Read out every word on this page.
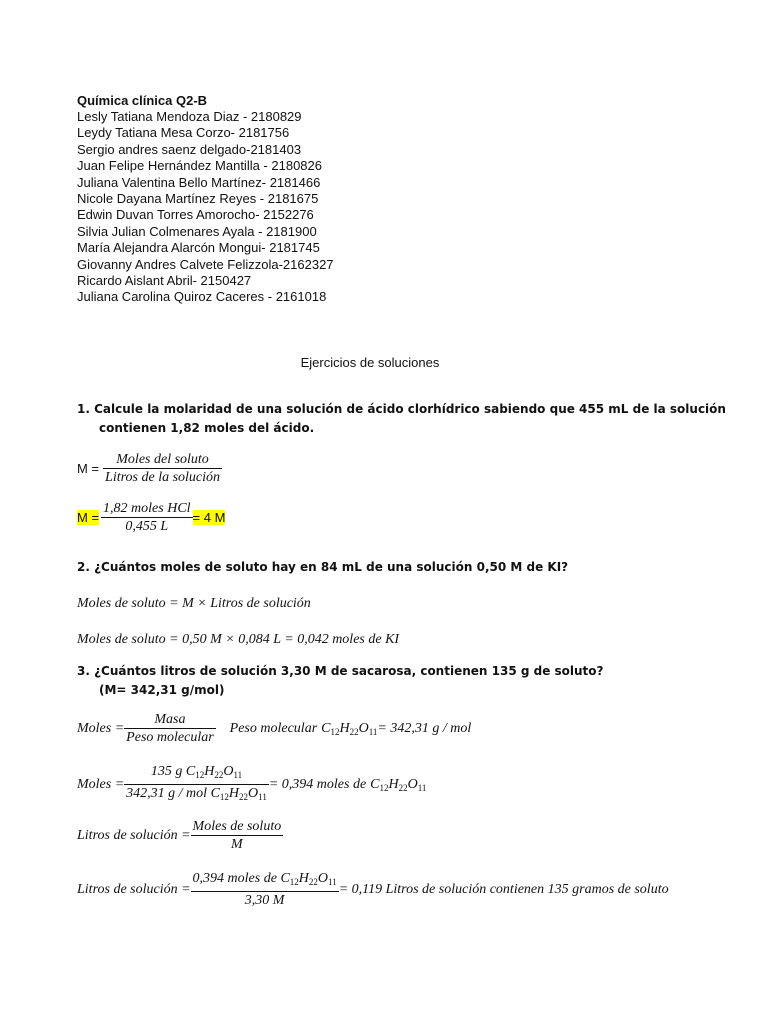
Química clínica Q2-B
Lesly Tatiana Mendoza Diaz - 2180829
Leydy Tatiana Mesa Corzo- 2181756
Sergio andres saenz delgado-2181403
Juan Felipe Hernández Mantilla - 2180826
Juliana Valentina Bello Martínez- 2181466
Nicole Dayana Martínez Reyes - 2181675
Edwin Duvan Torres Amorocho- 2152276
Silvia Julian Colmenares Ayala - 2181900
María Alejandra Alarcón Mongui- 2181745
Giovanny Andres Calvete Felizzola-2162327
Ricardo Aislant Abril- 2150427
Juliana Carolina Quiroz Caceres - 2161018
Ejercicios de soluciones
1. Calcule la molaridad de una solución de ácido clorhídrico sabiendo que 455 mL de la solución
contienen 1,82 moles del ácido.
$M = \frac{\text{Moles del soluto}}{\text{Litros de la solución}}$
$M = \frac{\text{1,82 moles HCl}}{0,455 L} = 4$ M
2. ¿Cuántos moles de soluto hay en 84 mL de una solución 0,50 M de KI?
Moles de soluto = M × Litros de solución
Moles de soluto = 0,50 M × 0,084 L = 0,042 moles de KI
3. ¿Cuántos litros de solución 3,30 M de sacarosa, contienen 135 g de soluto?
(M= 342,31 g/mol)
Moles = $\frac{\text{Masa}}{\text{Peso molecular}}$ Peso molecular $C_{12}H_{22}O_{11} = 342,31$ g / mol
Moles = $\frac{135 g C_{12}H_{22}O_{11}}{342,31 g / mol C_{12}H_{22}O_{11}} = 0,394$ moles de $C_{12}H_{22}O_{11}$
Litros de solución = $\frac{\text{Moles de soluto}}{M}$
Litros de solución = $\frac{0,394 moles de C_{12}H_{22}O_{11}}{3,30 M} = 0,119$ Litros de solución contienen 135 gramos de soluto
